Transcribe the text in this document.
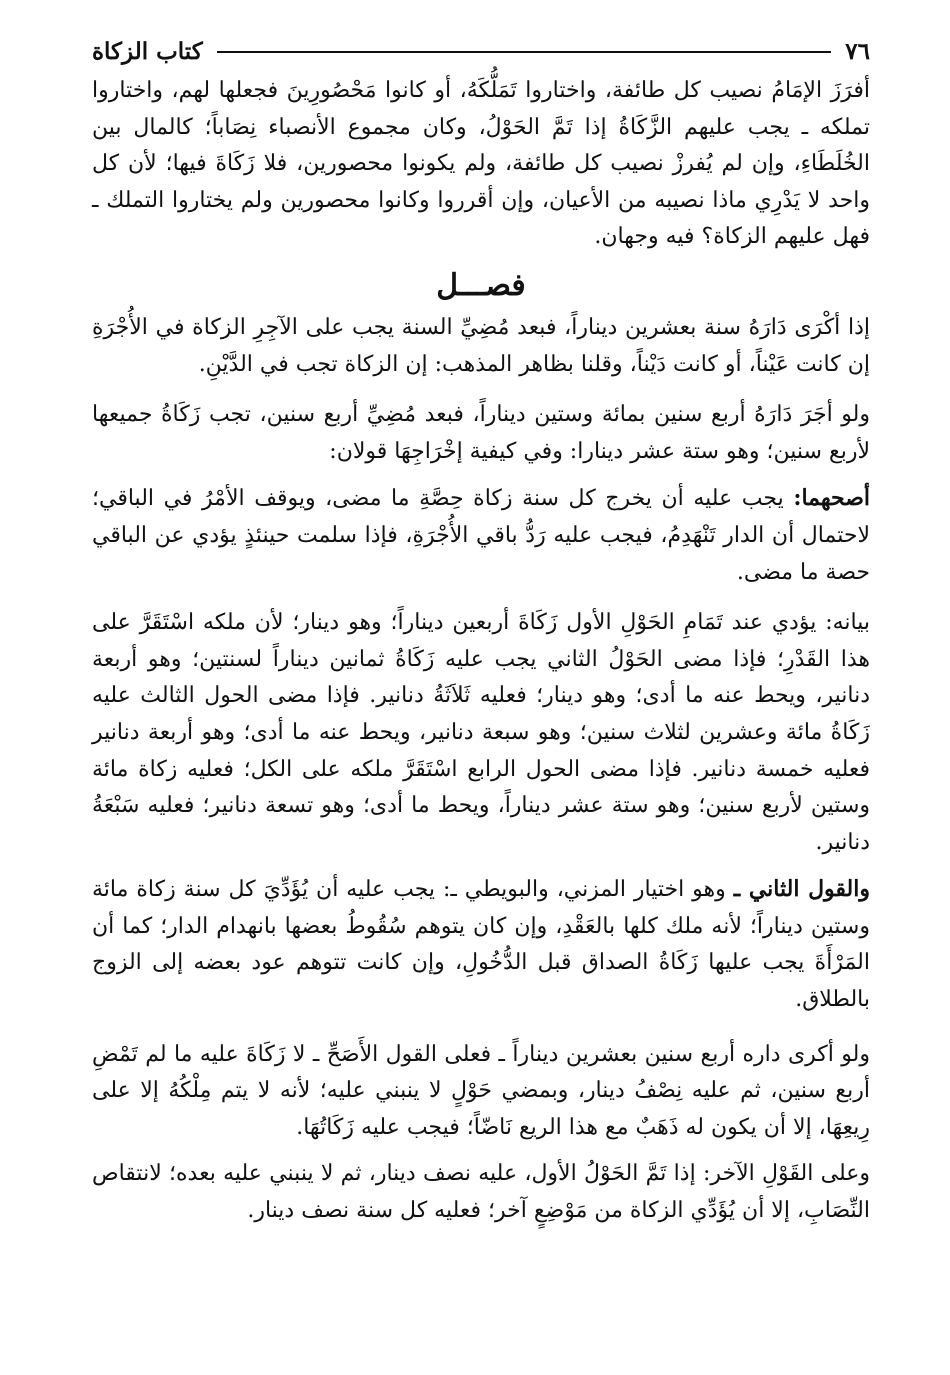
٧٦
كتاب الزكاة

أفرَزَ الإمَامُ نصيب كل طائفة، واختاروا تَمَلُّكَهُ، أو كانوا مَحْصُورِينَ فجعلها لهم، واختاروا تملكه ـ يجب عليهم الزَّكَاةُ إذا تَمَّ الحَوْلُ، وكان مجموع الأنصباء نِصَاباً؛ كالمال بين الخُلَطَاءِ، وإن لم يُفرزْ نصيب كل طائفة، ولم يكونوا محصورين، فلا زَكَاةَ فيها؛ لأن كل واحد لا يَدْرِي ماذا نصيبه من الأعيان، وإن أقرروا وكانوا محصورين ولم يختاروا التملك ـ فهل عليهم الزكاة؟ فيه وجهان.

فصـــل

إذا أكْرَى دَارَهُ سنة بعشرين ديناراً، فبعد مُضِيِّ السنة يجب على الآجِرِ الزكاة في الأُجْرَةِ إن كانت عَيْناً، أو كانت دَيْناً، وقلنا بظاهر المذهب: إن الزكاة تجب في الدَّيْنِ.

ولو أجَرَ دَارَهُ أربع سنين بمائة وستين ديناراً، فبعد مُضِيِّ أربع سنين، تجب زَكَاةُ جميعها لأربع سنين؛ وهو ستة عشر دينارا: وفي كيفية إخْرَاجِهَا قولان:

أصحهما: يجب عليه أن يخرج كل سنة زكاة حِصَّةِ ما مضى، ويوقف الأمْرُ في الباقي؛ لاحتمال أن الدار تَنْهَدِمُ، فيجب عليه رَدُّ باقي الأُجْرَةِ، فإذا سلمت حينئذٍ يؤدي عن الباقي حصة ما مضى.

بيانه: يؤدي عند تَمَامِ الحَوْلِ الأول زَكَاةَ أربعين ديناراً؛ وهو دينار؛ لأن ملكه اسْتَقَرَّ على هذا القَدْرِ؛ فإذا مضى الحَوْلُ الثاني يجب عليه زَكَاةُ ثمانين ديناراً لسنتين؛ وهو أربعة دنانير، ويحط عنه ما أدى؛ وهو دينار؛ فعليه ثَلاَثَةُ دنانير. فإذا مضى الحول الثالث عليه زَكَاةُ مائة وعشرين لثلاث سنين؛ وهو سبعة دنانير، ويحط عنه ما أدى؛ وهو أربعة دنانير فعليه خمسة دنانير. فإذا مضى الحول الرابع اسْتَقَرَّ ملكه على الكل؛ فعليه زكاة مائة وستين لأربع سنين؛ وهو ستة عشر ديناراً، ويحط ما أدى؛ وهو تسعة دنانير؛ فعليه سَبْعَةُ دنانير.

والقول الثاني ـ وهو اختيار المزني، والبويطي ـ: يجب عليه أن يُؤَدِّيَ كل سنة زكاة مائة وستين ديناراً؛ لأنه ملك كلها بالعَقْدِ، وإن كان يتوهم سُقُوطُ بعضها بانهدام الدار؛ كما أن المَرْأَةَ يجب عليها زَكَاةُ الصداق قبل الدُّخُولِ، وإن كانت تتوهم عود بعضه إلى الزوج بالطلاق.

ولو أكرى داره أربع سنين بعشرين ديناراً ـ فعلى القول الأَصَحِّ ـ لا زَكَاةَ عليه ما لم تَمْضِ أربع سنين، ثم عليه نِصْفُ دينار، وبمضي حَوْلٍ لا ينبني عليه؛ لأنه لا يتم مِلْكُهُ إلا على رِيعِهَا، إلا أن يكون له ذَهَبٌ مع هذا الريع نَاضّاً؛ فيجب عليه زَكَاتُهَا.

وعلى القَوْلِ الآخر: إذا تَمَّ الحَوْلُ الأول، عليه نصف دينار، ثم لا ينبني عليه بعده؛ لانتقاص النِّصَابِ، إلا أن يُؤَدِّي الزكاة من مَوْضِعٍ آخر؛ فعليه كل سنة نصف دينار.
